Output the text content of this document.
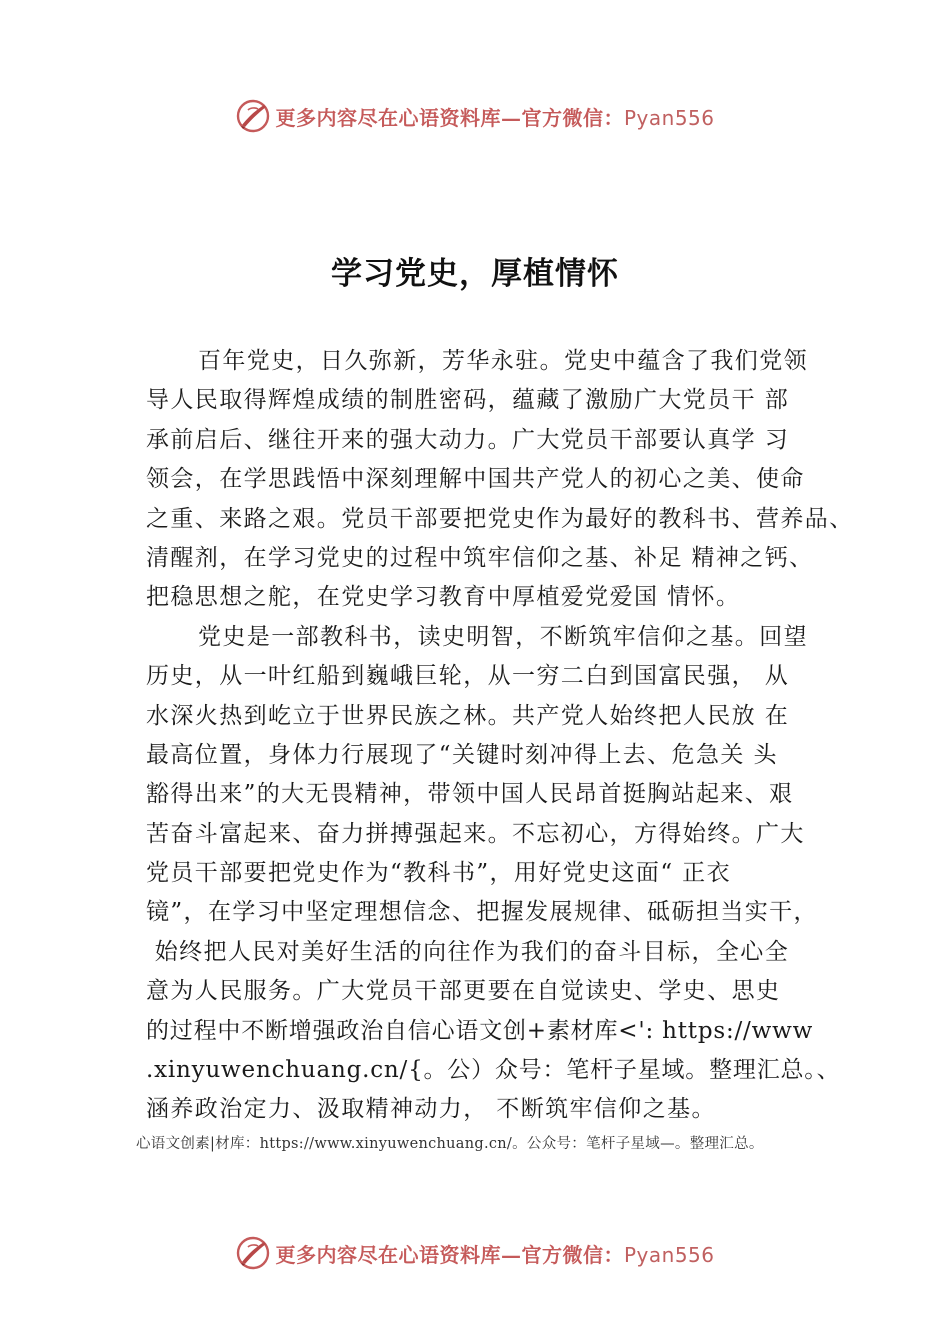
更多内容尽在心语资料库—官方微信：Pyan556
学习党史，厚植情怀
百年党史，日久弥新，芳华永驻。党史中蕴含了我们党领
导人民取得辉煌成绩的制胜密码，蕴藏了激励广大党员干 部
承前启后、继往开来的强大动力。广大党员干部要认真学 习
领会，在学思践悟中深刻理解中国共产党人的初心之美、使命
之重、来路之艰。党员干部要把党史作为最好的教科书、营养品、
清醒剂，在学习党史的过程中筑牢信仰之基、补足 精神之钙、
把稳思想之舵，在党史学习教育中厚植爱党爱国 情怀。
党史是一部教科书，读史明智，不断筑牢信仰之基。回望
历史，从一叶红船到巍峨巨轮，从一穷二白到国富民强， 从
水深火热到屹立于世界民族之林。共产党人始终把人民放 在
最高位置，身体力行展现了“关键时刻冲得上去、危急关 头
豁得出来”的大无畏精神，带领中国人民昂首挺胸站起来、艰
苦奋斗富起来、奋力拼搏强起来。不忘初心，方得始终。广大
党员干部要把党史作为“教科书”，用好党史这面“ 正衣
镜”，在学习中坚定理想信念、把握发展规律、砥砺担当实干，
始终把人民对美好生活的向往作为我们的奋斗目标，全心全
意为人民服务。广大党员干部更要在自觉读史、学史、思史
的过程中不断增强政治自信心语文创+素材库<': https://www
.xinyuwenchuang.cn/{。公）众号：笔杆子星域。整理汇总。、
涵养政治定力、汲取精神动力， 不断筑牢信仰之基。
心语文创素|材库：https://www.xinyuwenchuang.cn/。公众号：笔杆子星域—。整理汇总。
更多内容尽在心语资料库—官方微信：Pyan556
